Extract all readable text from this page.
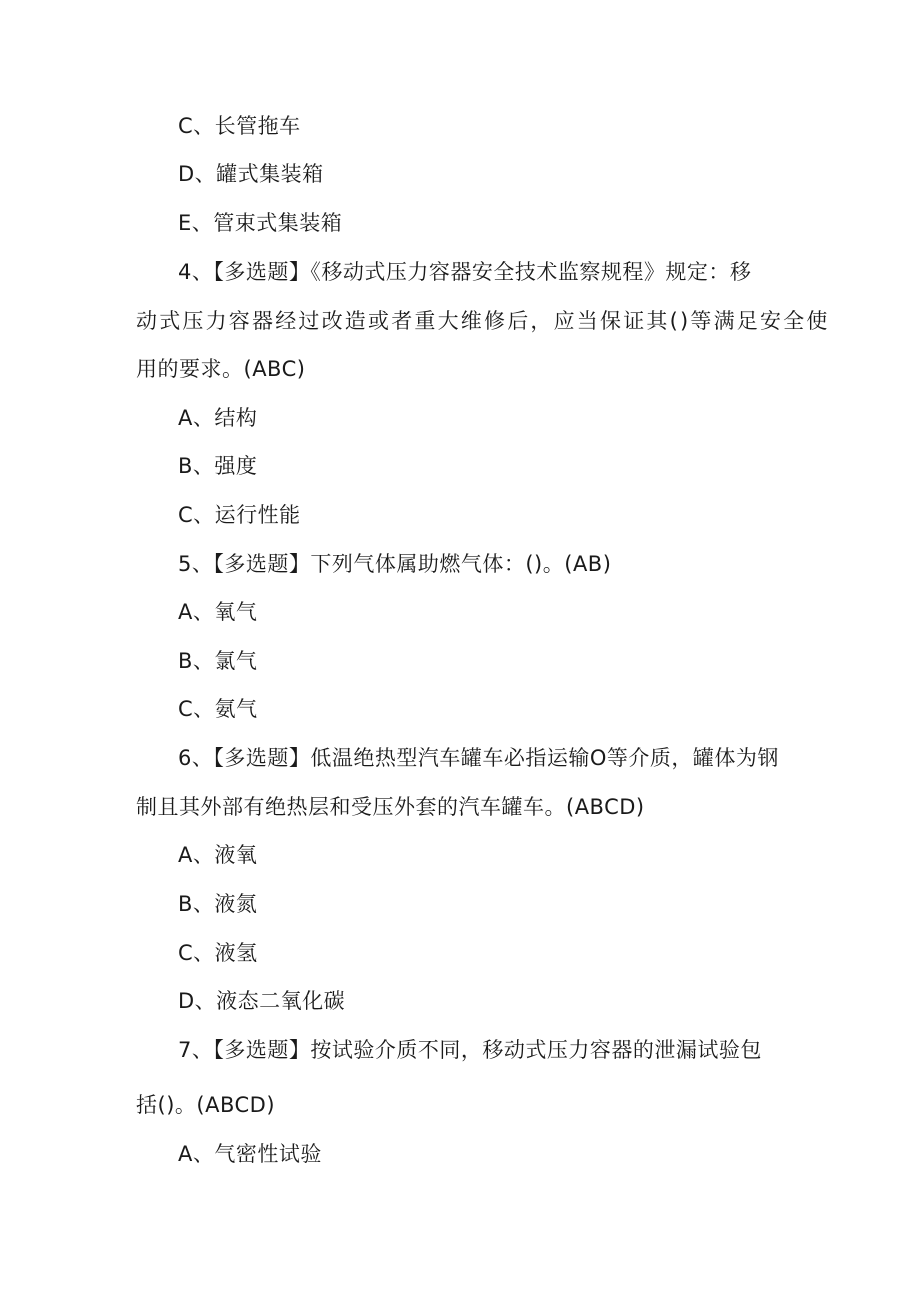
C、长管拖车
D、罐式集装箱
E、管束式集装箱
4、【多选题】《移动式压力容器安全技术监察规程》规定：移
动式压力容器经过改造或者重大维修后，应当保证其()等满足安全使
用的要求。(ABC)
A、结构
B、强度
C、运行性能
5、【多选题】下列气体属助燃气体：()。(AB)
A、氧气
B、氯气
C、氨气
6、【多选题】低温绝热型汽车罐车必指运输O等介质，罐体为钢
制且其外部有绝热层和受压外套的汽车罐车。(ABCD)
A、液氧
B、液氮
C、液氢
D、液态二氧化碳
7、【多选题】按试验介质不同，移动式压力容器的泄漏试验包
括()。(ABCD)
A、气密性试验
